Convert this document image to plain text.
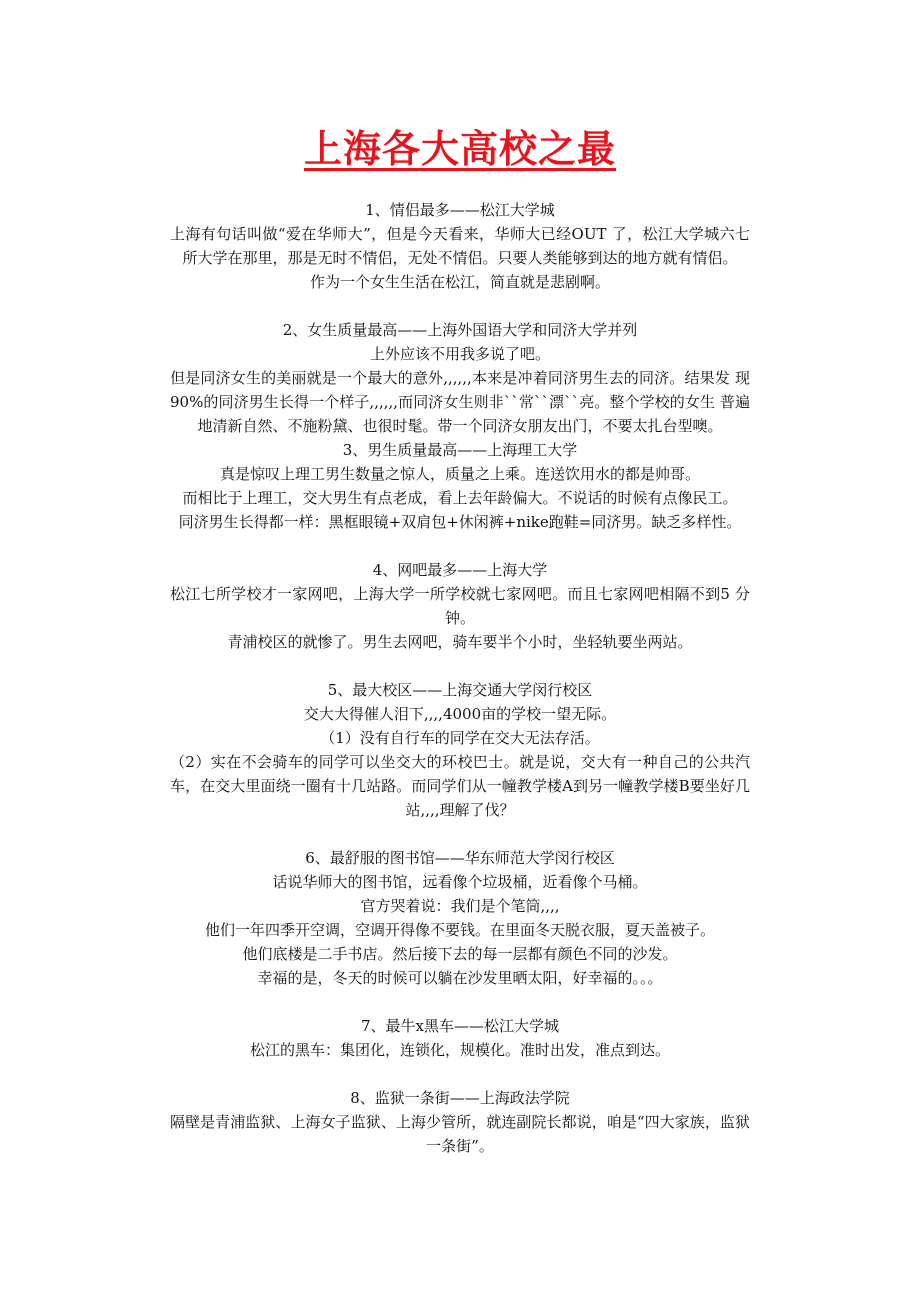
上海各大高校之最
1、情侣最多——松江大学城
上海有句话叫做“爱在华师大”，但是今天看来，华师大已经OUT 了，松江大学城六七所大学在那里，那是无时不情侣，无处不情侣。只要人类能够到达的地方就有情侣。
作为一个女生生活在松江，简直就是悲剧啊。
2、女生质量最高——上海外国语大学和同济大学并列
上外应该不用我多说了吧。
但是同济女生的美丽就是一个最大的意外,,,,,,本来是冲着同济男生去的同济。结果发 现90%的同济男生长得一个样子,,,,,,而同济女生则非``常``漂``亮。整个学校的女生 普遍地清新自然、不施粉黛、也很时髦。带一个同济女朋友出门，不要太扎台型噢。
3、男生质量最高——上海理工大学
真是惊叹上理工男生数量之惊人，质量之上乘。连送饮用水的都是帅哥。
而相比于上理工，交大男生有点老成，看上去年龄偏大。不说话的时候有点像民工。
同济男生长得都一样：黑框眼镜+双肩包+休闲裤+nike跑鞋=同济男。缺乏多样性。
4、网吧最多——上海大学
松江七所学校才一家网吧，上海大学一所学校就七家网吧。而且七家网吧相隔不到5 分钟。
青浦校区的就惨了。男生去网吧，骑车要半个小时，坐轻轨要坐两站。
5、最大校区——上海交通大学闵行校区
交大大得催人泪下,,,,4000亩的学校一望无际。
（1）没有自行车的同学在交大无法存活。
（2）实在不会骑车的同学可以坐交大的环校巴士。就是说，交大有一种自己的公共汽车，在交大里面绕一圈有十几站路。而同学们从一幢教学楼A到另一幢教学楼B要坐好几站,,,,理解了伐？
6、最舒服的图书馆——华东师范大学闵行校区
话说华师大的图书馆，远看像个垃圾桶，近看像个马桶。
官方哭着说：我们是个笔筒,,,,
他们一年四季开空调，空调开得像不要钱。在里面冬天脱衣服，夏天盖被子。
他们底楼是二手书店。然后接下去的每一层都有颜色不同的沙发。
幸福的是，冬天的时候可以躺在沙发里晒太阳，好幸福的。。。
7、最牛x黑车——松江大学城
松江的黑车：集团化，连锁化，规模化。准时出发，准点到达。
8、监狱一条街——上海政法学院
隔壁是青浦监狱、上海女子监狱、上海少管所，就连副院长都说，咱是“四大家族，监狱一条街”。
